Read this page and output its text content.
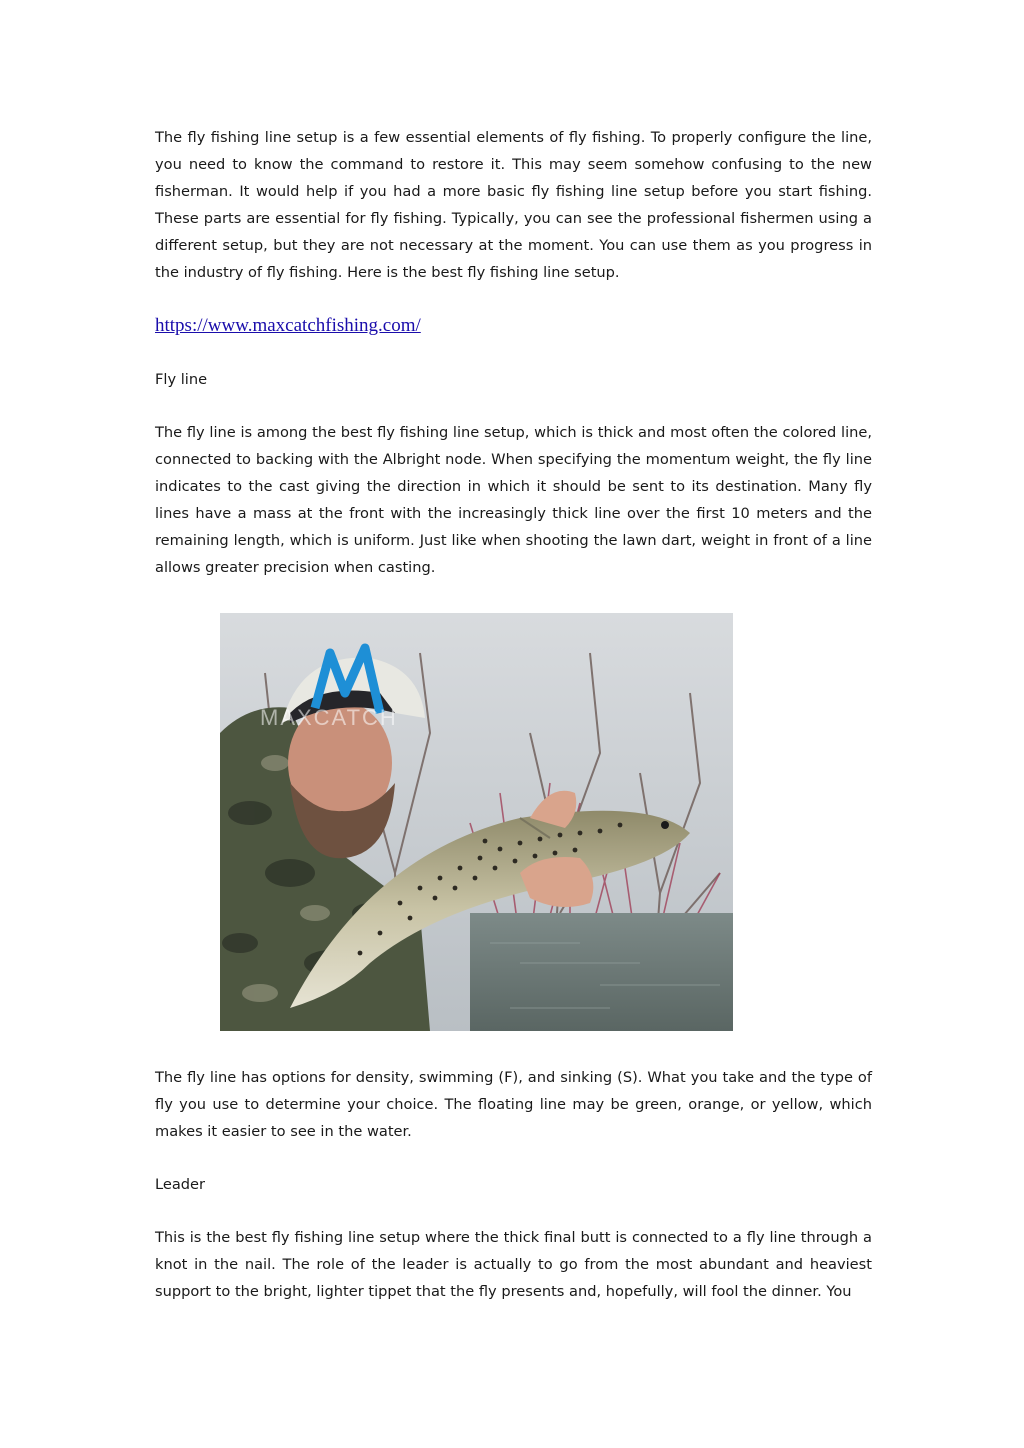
The fly fishing line setup is a few essential elements of fly fishing. To properly configure the line, you need to know the command to restore it. This may seem somehow confusing to the new fisherman. It would help if you had a more basic fly fishing line setup before you start fishing. These parts are essential for fly fishing. Typically, you can see the professional fishermen using a different setup, but they are not necessary at the moment. You can use them as you progress in the industry of fly fishing. Here is the best fly fishing line setup.

https://www.maxcatchfishing.com/

Fly line

The fly line is among the best fly fishing line setup, which is thick and most often the colored line, connected to backing with the Albright node. When specifying the momentum weight, the fly line indicates to the cast giving the direction in which it should be sent to its destination. Many fly lines have a mass at the front with the increasingly thick line over the first 10 meters and the remaining length, which is uniform. Just like when shooting the lawn dart, weight in front of a line allows greater precision when casting.

MAXCATCH

The fly line has options for density, swimming (F), and sinking (S). What you take and the type of fly you use to determine your choice. The floating line may be green, orange, or yellow, which makes it easier to see in the water.

Leader

This is the best fly fishing line setup where the thick final butt is connected to a fly line through a knot in the nail. The role of the leader is actually to go from the most abundant and heaviest support to the bright, lighter tippet that the fly presents and, hopefully, will fool the dinner. You
